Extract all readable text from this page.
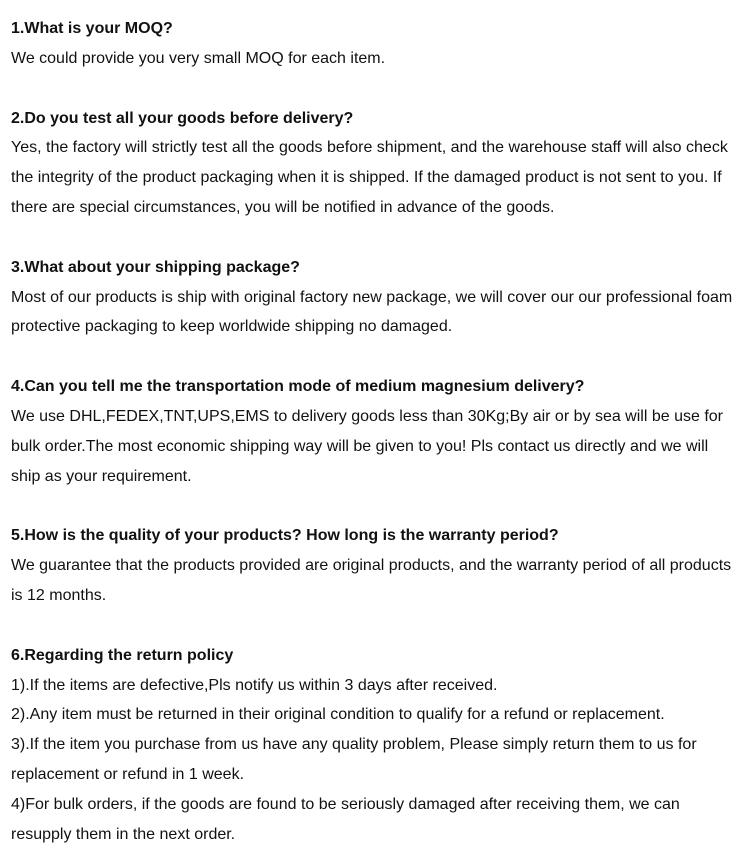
1.What is your MOQ?

We could provide you very small MOQ for each item.

2.Do you test all your goods before delivery?

Yes, the factory will strictly test all the goods before shipment, and the warehouse staff will also check the integrity of the product packaging when it is shipped. If the damaged product is not sent to you. If there are special circumstances, you will be notified in advance of the goods.

3.What about your shipping package?

Most of our products is ship with original factory new package, we will cover our our professional foam protective packaging to keep worldwide shipping no damaged.

4.Can you tell me the transportation mode of medium magnesium delivery?

We use DHL,FEDEX,TNT,UPS,EMS to delivery goods less than 30Kg;By air or by sea will be use for bulk order.The most economic shipping way will be given to you! Pls contact us directly and we will ship as your requirement.

5.How is the quality of your products? How long is the warranty period?

We guarantee that the products provided are original products, and the warranty period of all products is 12 months.

6.Regarding the return policy

1).If the items are defective,Pls notify us within 3 days after received.

2).Any item must be returned in their original condition to qualify for a refund or replacement.

3).If the item you purchase from us have any quality problem, Please simply return them to us for replacement or refund in 1 week.

4)For bulk orders, if the goods are found to be seriously damaged after receiving them, we can resupply them in the next order.
